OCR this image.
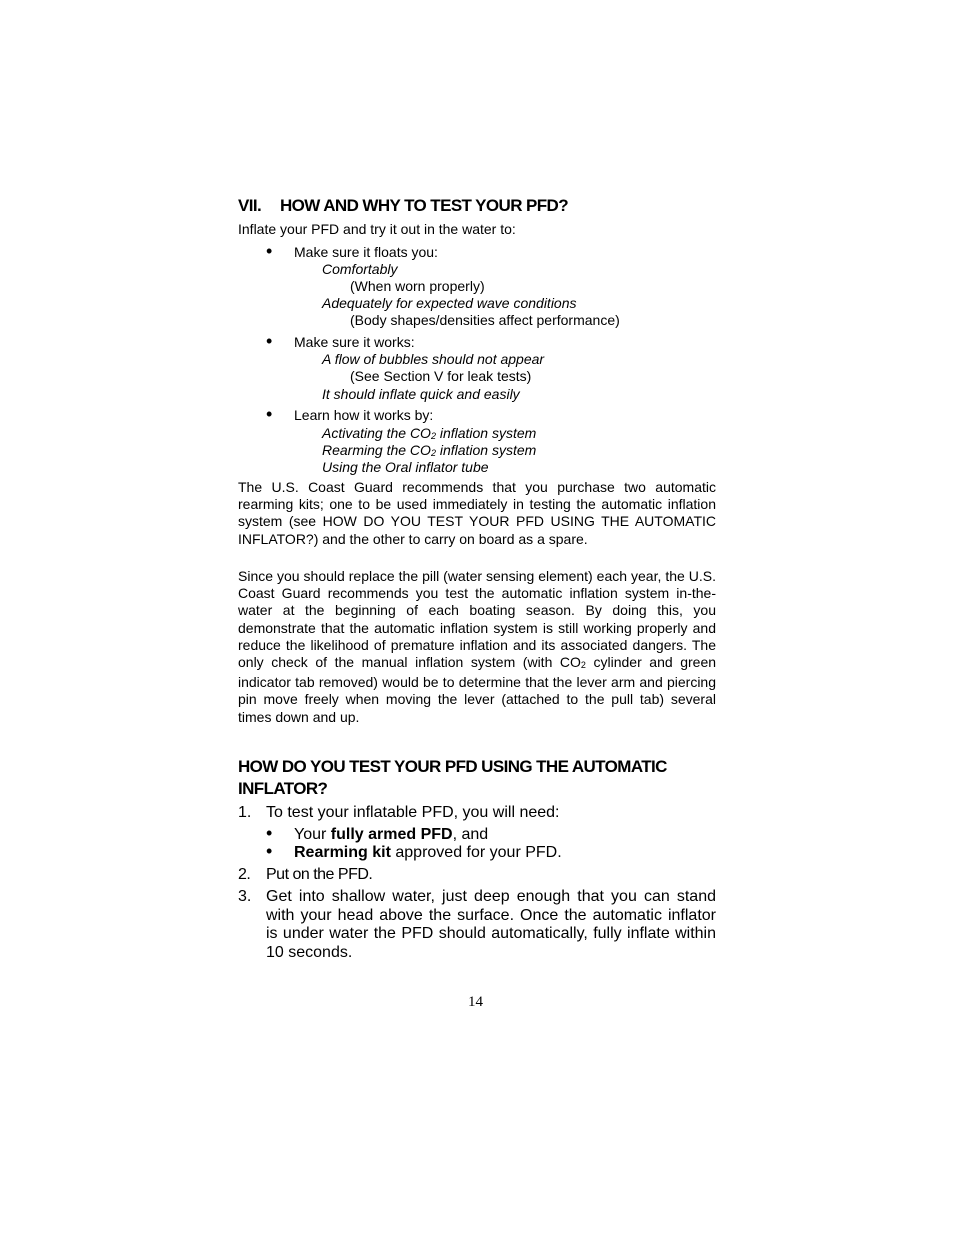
VII. HOW AND WHY TO TEST YOUR PFD?
Inflate your PFD and try it out in the water to:
• Make sure it floats you:
Comfortably
(When worn properly)
Adequately for expected wave conditions
(Body shapes/densities affect performance)
• Make sure it works:
A flow of bubbles should not appear
(See Section V for leak tests)
It should inflate quick and easily
• Learn how it works by:
Activating the $CO_2$ inflation system
Rearming the $CO_2$ inflation system
Using the Oral inflator tube
The U.S. Coast Guard recommends that you purchase two automatic rearming kits; one to be used immediately in testing the automatic inflation system (see HOW DO YOU TEST YOUR PFD USING THE AUTOMATIC INFLATOR?) and the other to carry on board as a spare.
Since you should replace the pill (water sensing element) each year, the U.S. Coast Guard recommends you test the automatic inflation system in-the-water at the beginning of each boating season. By doing this, you demonstrate that the automatic inflation system is still working properly and reduce the likelihood of premature inflation and its associated dangers. The only check of the manual inflation system (with $CO_2$ cylinder and green indicator tab removed) would be to determine that the lever arm and piercing pin move freely when moving the lever (attached to the pull tab) several times down and up.
HOW DO YOU TEST YOUR PFD USING THE AUTOMATIC INFLATOR?
1. To test your inflatable PFD, you will need:
• Your fully armed PFD, and
• Rearming kit approved for your PFD.
2. Put on the PFD.
3. Get into shallow water, just deep enough that you can stand with your head above the surface. Once the automatic inflator is under water the PFD should automatically, fully inflate within 10 seconds.
14
